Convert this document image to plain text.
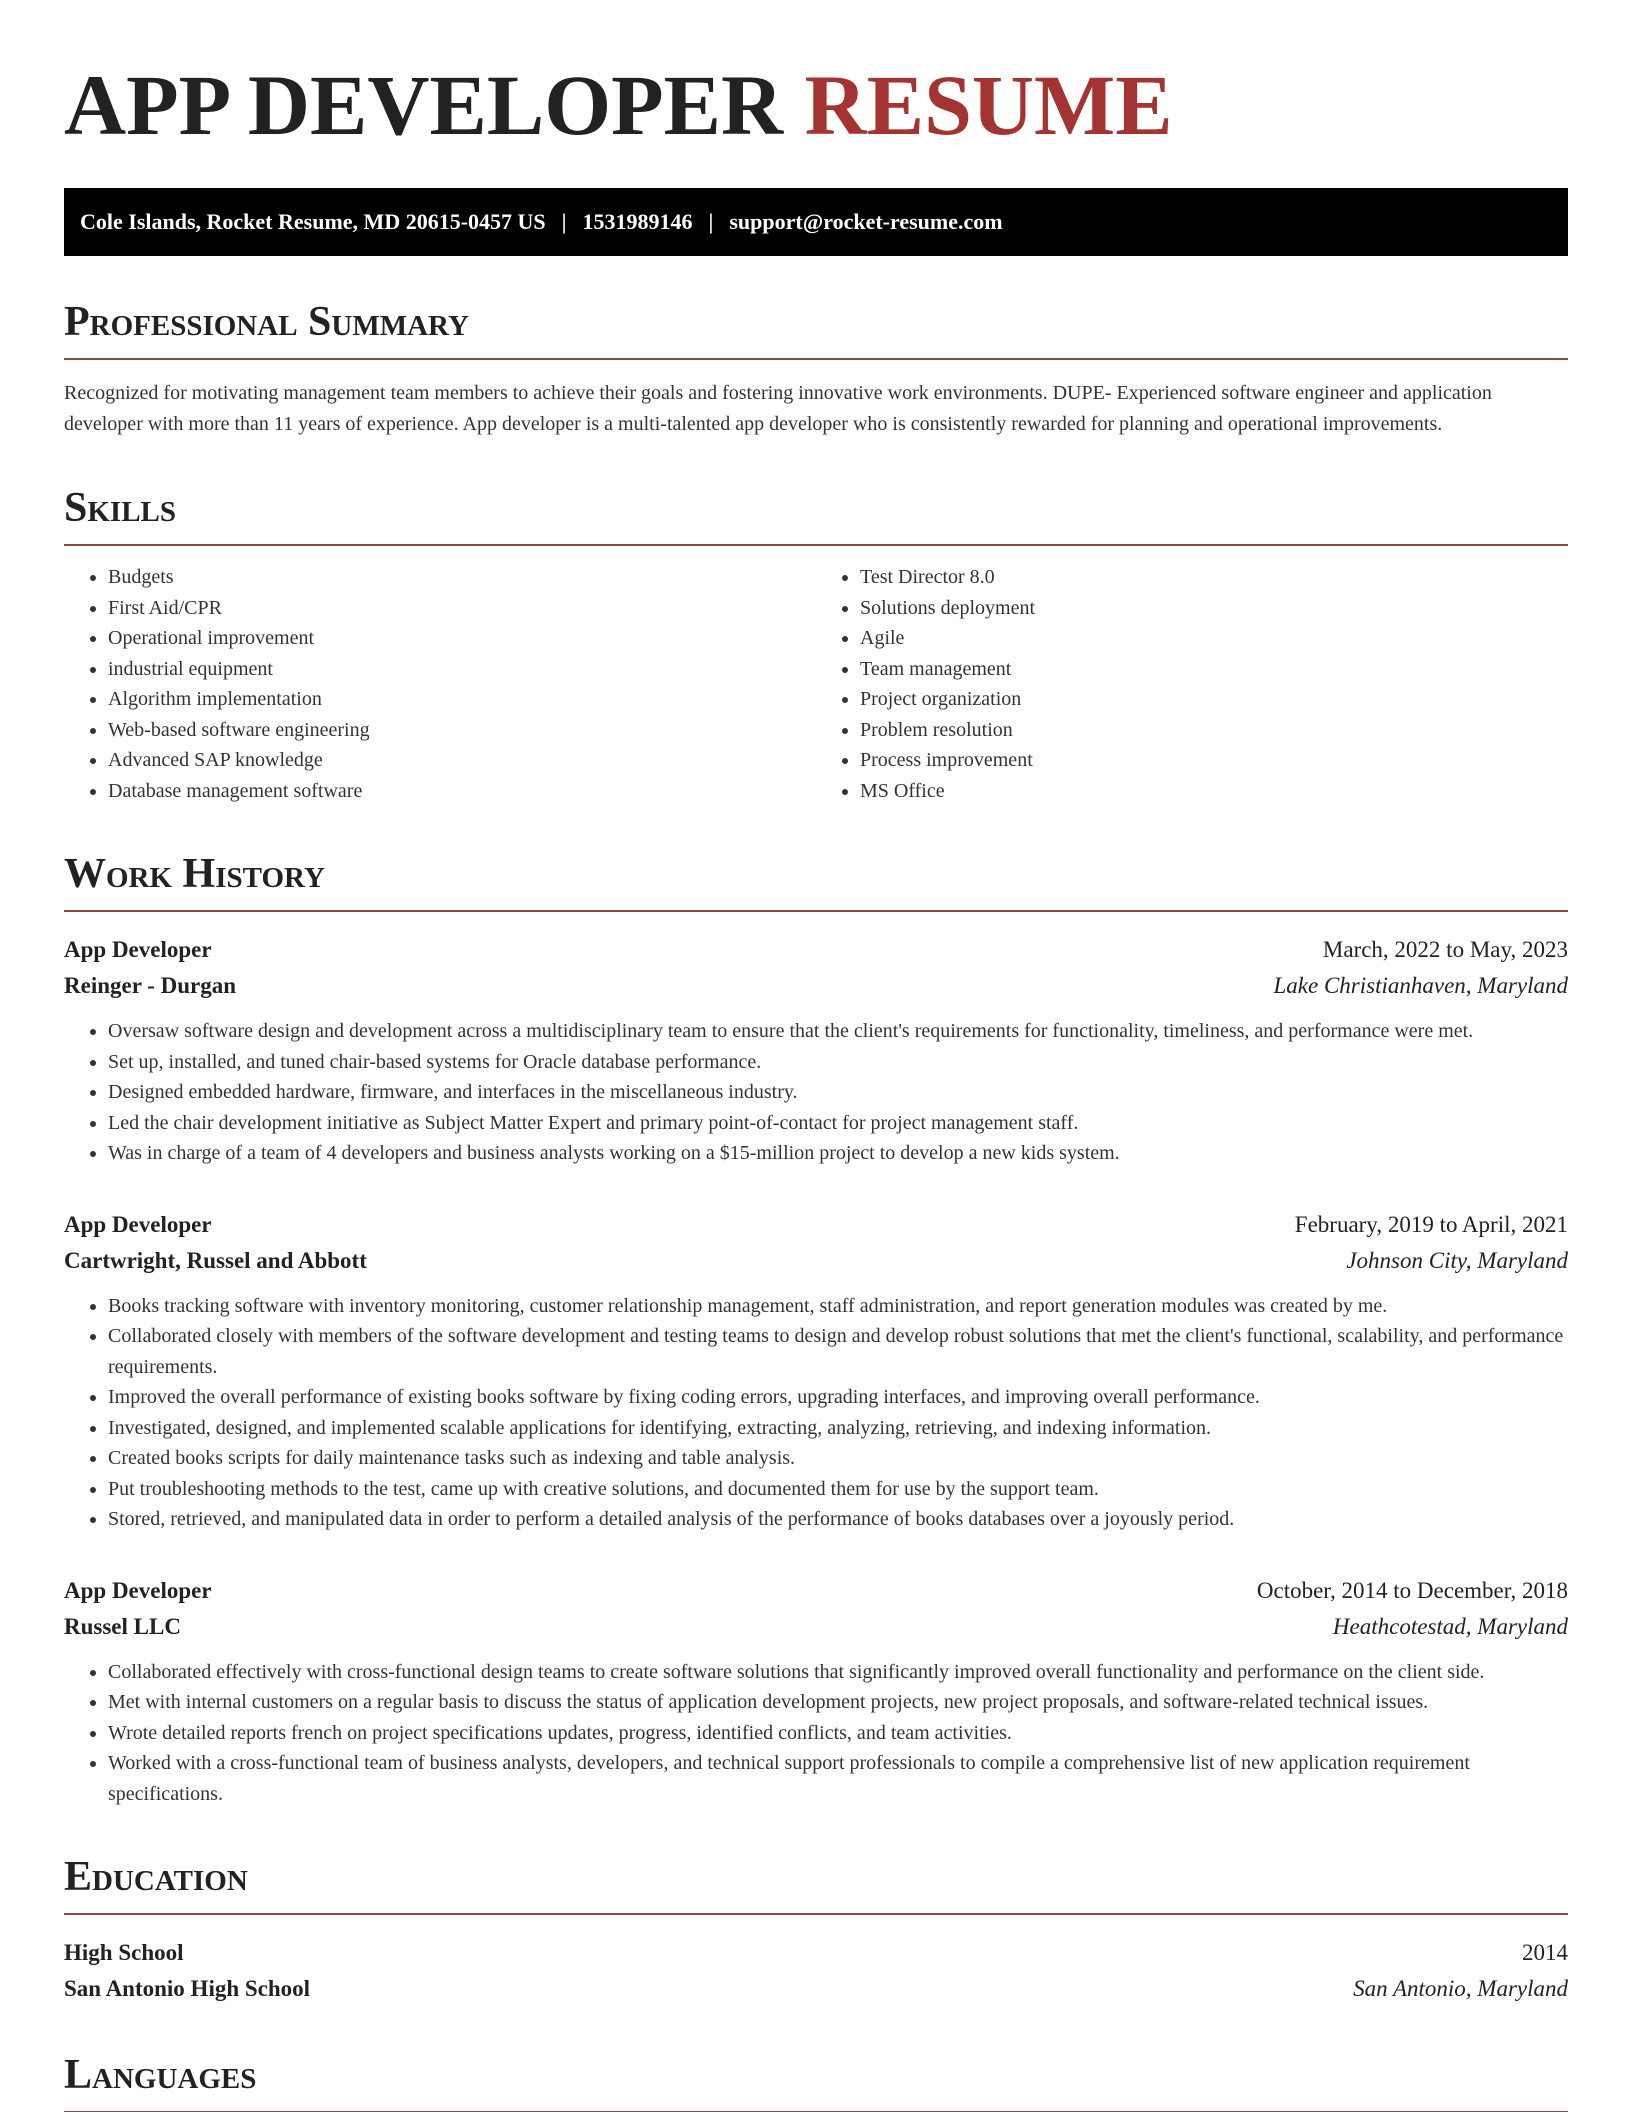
APP DEVELOPER RESUME
Cole Islands, Rocket Resume, MD 20615-0457 US | 1531989146 | support@rocket-resume.com
Professional Summary

Recognized for motivating management team members to achieve their goals and fostering innovative work environments. DUPE- Experienced software engineer and application developer with more than 11 years of experience. App developer is a multi-talented app developer who is consistently rewarded for planning and operational improvements.

Skills
• Budgets
• First Aid/CPR
• Operational improvement
• industrial equipment
• Algorithm implementation
• Web-based software engineering
• Advanced SAP knowledge
• Database management software
• Test Director 8.0
• Solutions deployment
• Agile
• Team management
• Project organization
• Problem resolution
• Process improvement
• MS Office
Work History
App Developer	March, 2022 to May, 2023
Reinger - Durgan	Lake Christianhaven, Maryland
• Oversaw software design and development across a multidisciplinary team to ensure that the client's requirements for functionality, timeliness, and performance were met.
• Set up, installed, and tuned chair-based systems for Oracle database performance.
• Designed embedded hardware, firmware, and interfaces in the miscellaneous industry.
• Led the chair development initiative as Subject Matter Expert and primary point-of-contact for project management staff.
• Was in charge of a team of 4 developers and business analysts working on a $15-million project to develop a new kids system.
App Developer	February, 2019 to April, 2021
Cartwright, Russel and Abbott	Johnson City, Maryland
• Books tracking software with inventory monitoring, customer relationship management, staff administration, and report generation modules was created by me.
• Collaborated closely with members of the software development and testing teams to design and develop robust solutions that met the client's functional, scalability, and performance requirements.
• Improved the overall performance of existing books software by fixing coding errors, upgrading interfaces, and improving overall performance.
• Investigated, designed, and implemented scalable applications for identifying, extracting, analyzing, retrieving, and indexing information.
• Created books scripts for daily maintenance tasks such as indexing and table analysis.
• Put troubleshooting methods to the test, came up with creative solutions, and documented them for use by the support team.
• Stored, retrieved, and manipulated data in order to perform a detailed analysis of the performance of books databases over a joyously period.
App Developer	October, 2014 to December, 2018
Russel LLC	Heathcotestad, Maryland
• Collaborated effectively with cross-functional design teams to create software solutions that significantly improved overall functionality and performance on the client side.
• Met with internal customers on a regular basis to discuss the status of application development projects, new project proposals, and software-related technical issues.
• Wrote detailed reports french on project specifications updates, progress, identified conflicts, and team activities.
• Worked with a cross-functional team of business analysts, developers, and technical support professionals to compile a comprehensive list of new application requirement specifications.
Education
High School	2014
San Antonio High School	San Antonio, Maryland
Languages
